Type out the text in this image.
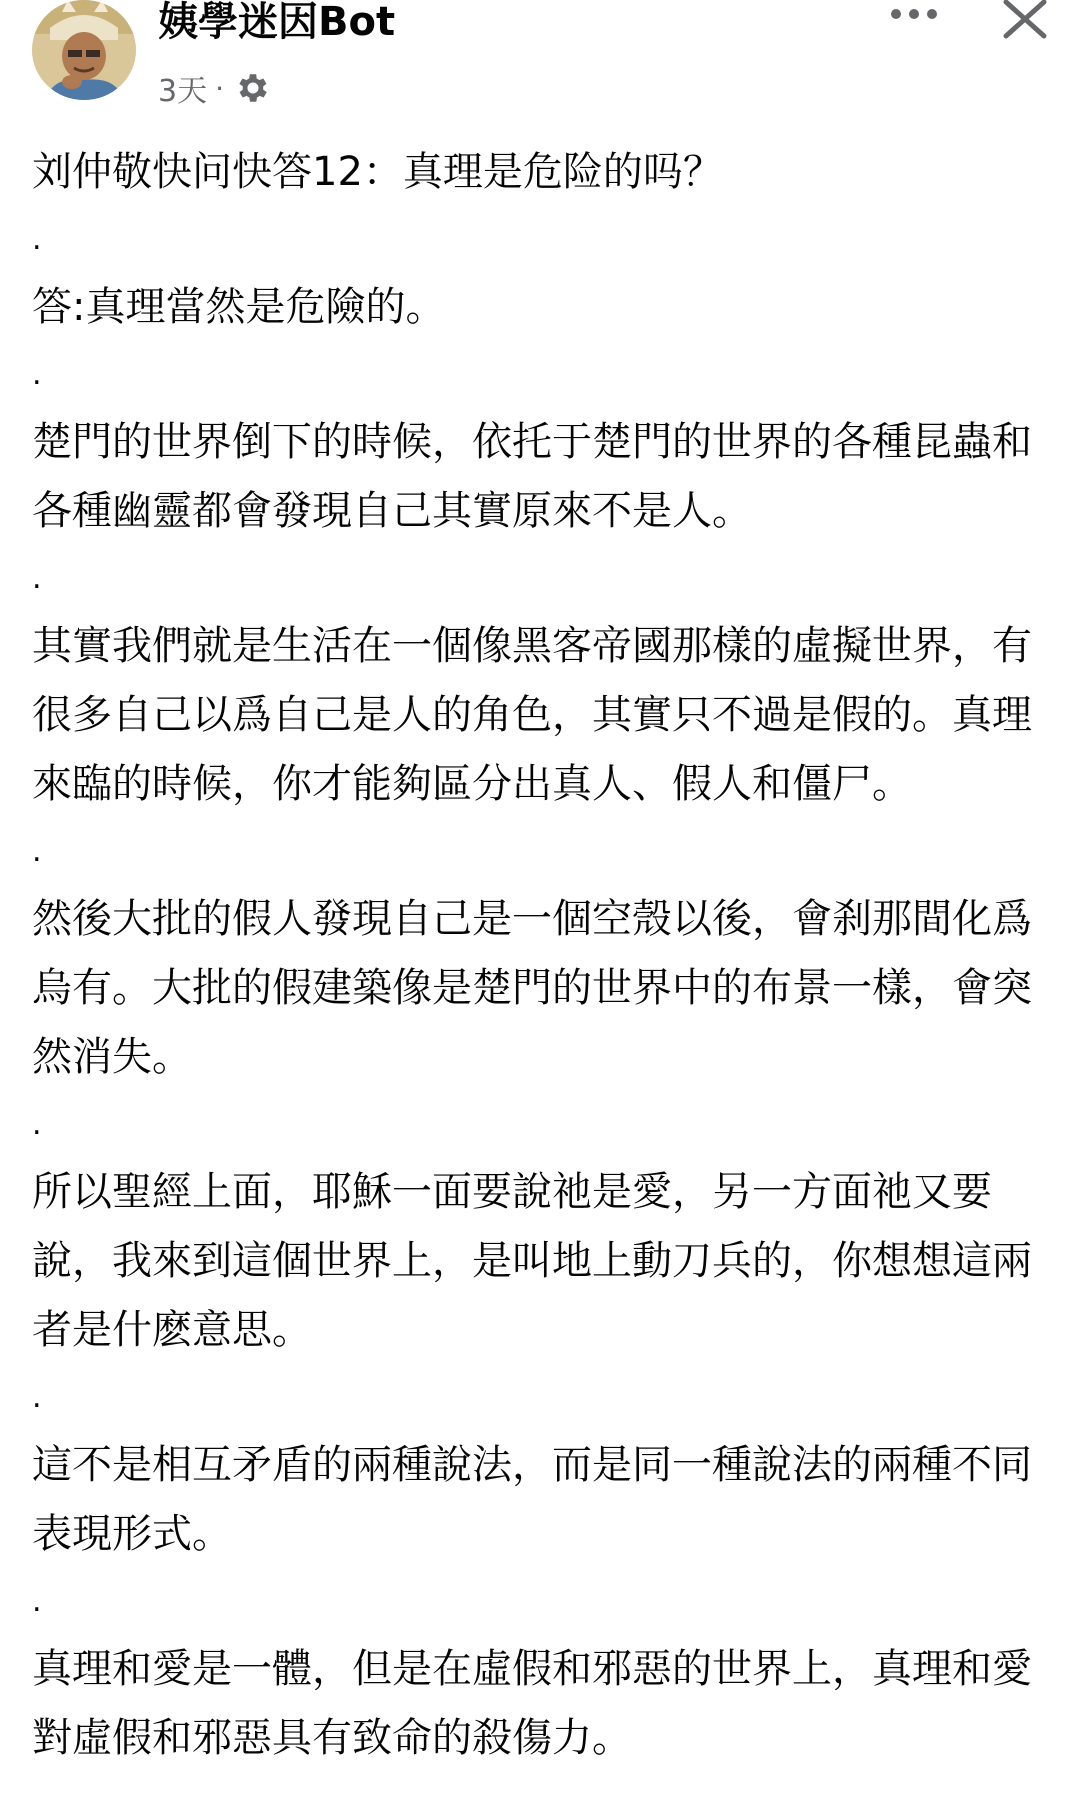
姨學迷因Bot
3天 ·

刘仲敬快问快答12：真理是危险的吗？

.

答:真理當然是危險的。

.

楚門的世界倒下的時候，依托于楚門的世界的各種昆蟲和各種幽靈都會發現自己其實原來不是人。

.

其實我們就是生活在一個像黑客帝國那樣的虛擬世界，有很多自己以爲自己是人的角色，其實只不過是假的。真理來臨的時候，你才能夠區分出真人、假人和僵尸。

.

然後大批的假人發現自己是一個空殼以後，會刹那間化爲烏有。大批的假建築像是楚門的世界中的布景一樣，會突然消失。

.

所以聖經上面，耶穌一面要說祂是愛，另一方面祂又要說，我來到這個世界上，是叫地上動刀兵的，你想想這兩者是什麽意思。

.

這不是相互矛盾的兩種說法，而是同一種說法的兩種不同表現形式。

.

真理和愛是一體，但是在虛假和邪惡的世界上，真理和愛對虛假和邪惡具有致命的殺傷力。
